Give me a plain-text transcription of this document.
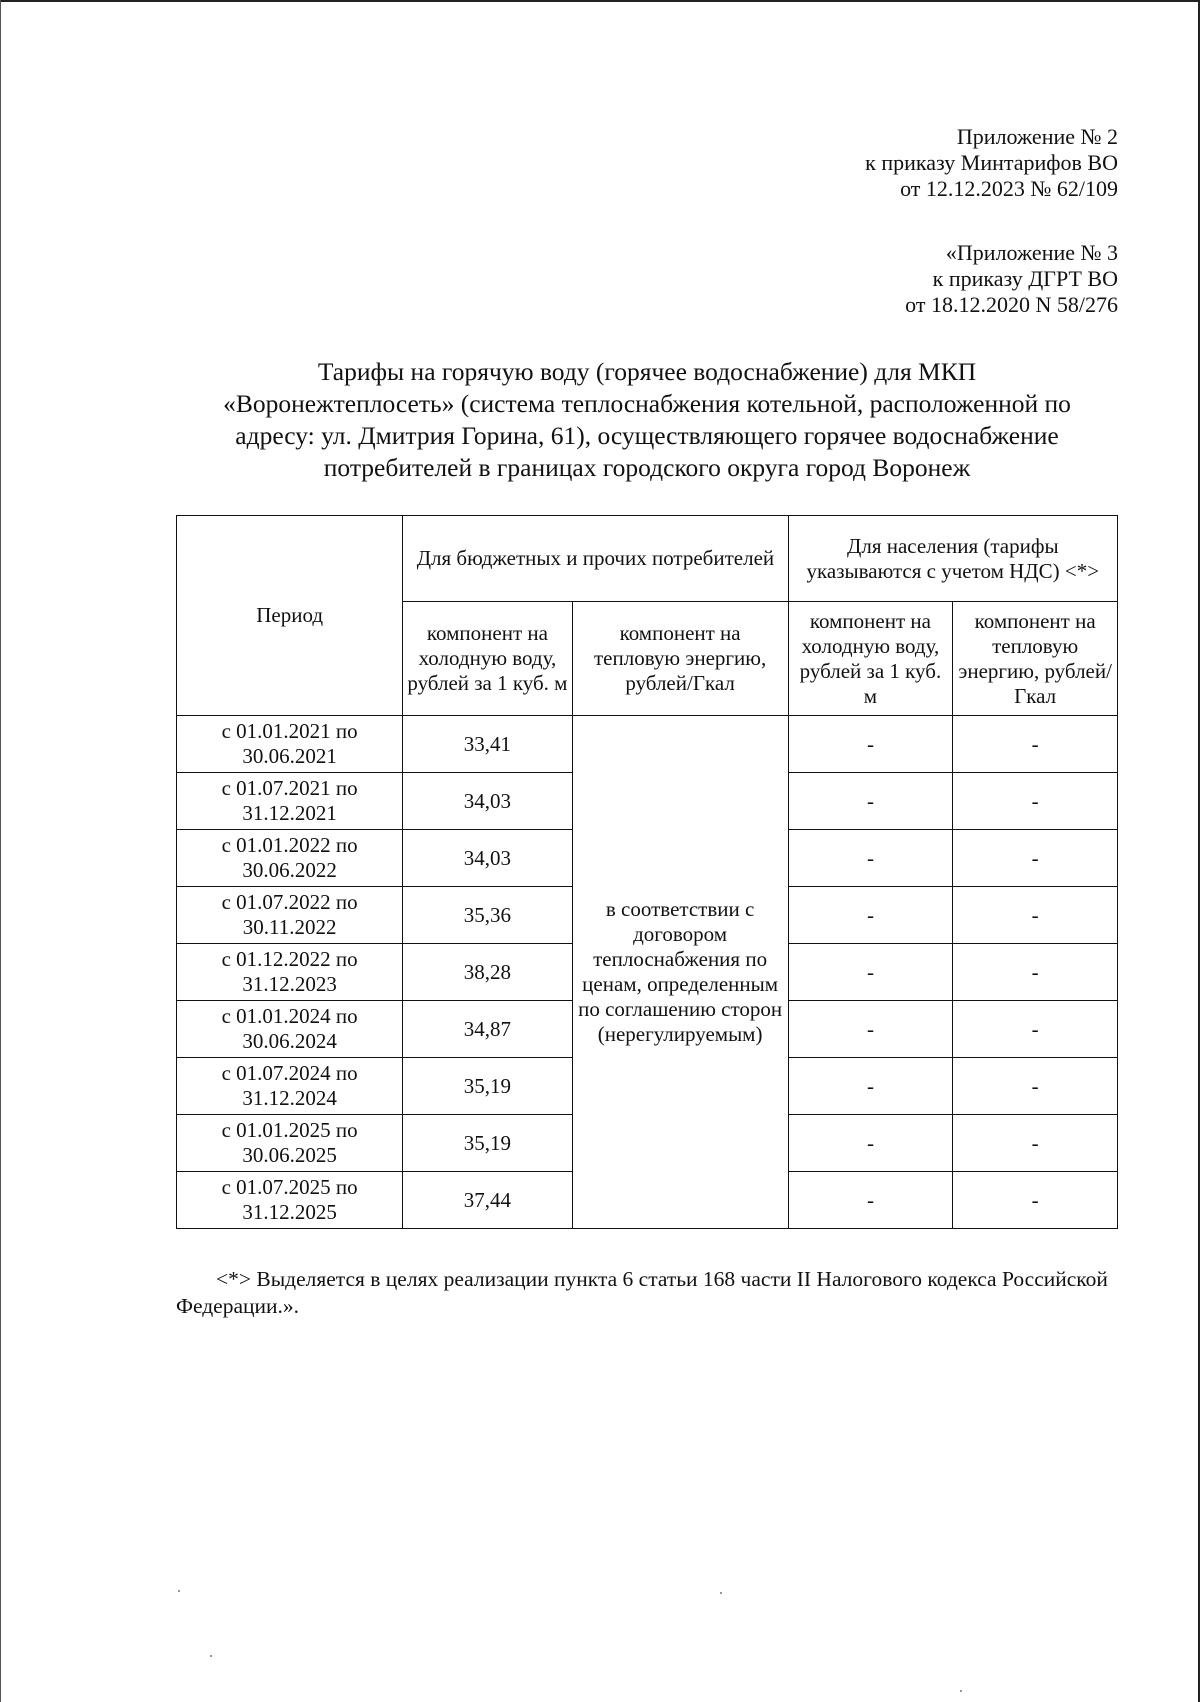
Приложение № 2
к приказу Минтарифов ВО
от 12.12.2023 № 62/109
«Приложение № 3
к приказу ДГРТ ВО
от 18.12.2020 N 58/276
Тарифы на горячую воду (горячее водоснабжение) для МКП
«Воронежтеплосеть» (система теплоснабжения котельной, расположенной по
адресу: ул. Дмитрия Горина, 61), осуществляющего горячее водоснабжение
потребителей в границах городского округа город Воронеж
Период	Для бюджетных и прочих потребителей		Для населения (тарифы указываются с учетом НДС) <*>	
	компонент на холодную воду, рублей за 1 куб. м	компонент на тепловую энергию, рублей/Гкал	компонент на холодную воду, рублей за 1 куб. м	компонент на тепловую энергию, рублей/Гкал

с 01.01.2021 по
30.06.2021	33,41	в соответствии с договором теплоснабжения по ценам, определенным по соглашению сторон (нерегулируемым)	-	-

с 01.07.2021 по
31.12.2021	34,03		-	-

с 01.01.2022 по
30.06.2022	34,03		-	-

с 01.07.2022 по
30.11.2022	35,36		-	-

с 01.12.2022 по
31.12.2023	38,28		-	-

с 01.01.2024 по
30.06.2024	34,87		-	-

с 01.07.2024 по
31.12.2024	35,19		-	-

с 01.01.2025 по
30.06.2025	35,19		-	-

с 01.07.2025 по
31.12.2025	37,44		-	-
<*> Выделяется в целях реализации пункта 6 статьи 168 части II Налогового кодекса Российской Федерации.».
